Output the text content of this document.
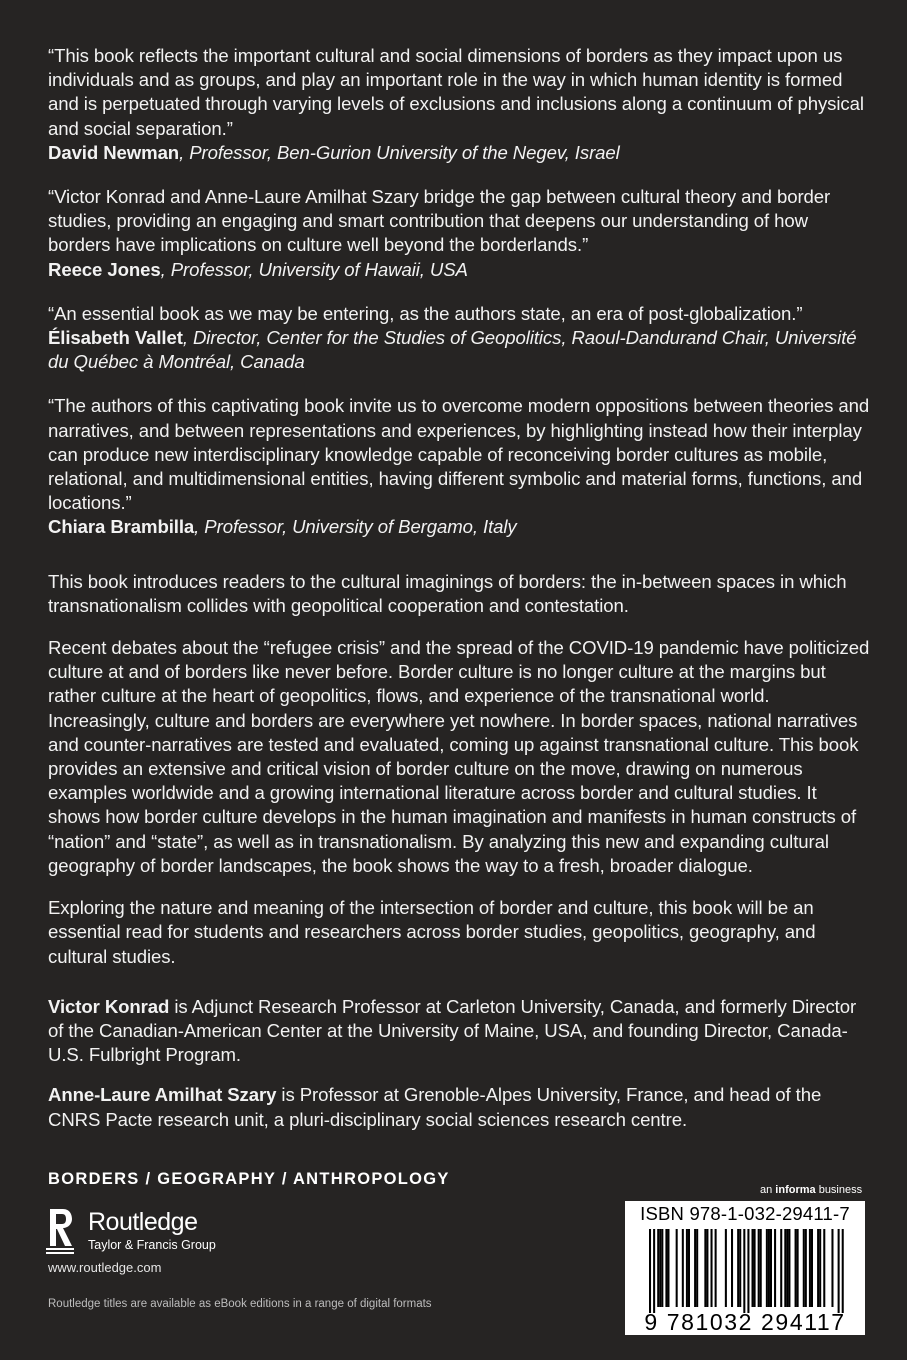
“This book reflects the important cultural and social dimensions of borders as they impact upon us individuals and as groups, and play an important role in the way in which human identity is formed and is perpetuated through varying levels of exclusions and inclusions along a continuum of physical and social separation.”

David Newman, Professor, Ben-Gurion University of the Negev, Israel

“Victor Konrad and Anne-Laure Amilhat Szary bridge the gap between cultural theory and border studies, providing an engaging and smart contribution that deepens our understanding of how borders have implications on culture well beyond the borderlands.”

Reece Jones, Professor, University of Hawaii, USA

“An essential book as we may be entering, as the authors state, an era of post-globalization.”

Élisabeth Vallet, Director, Center for the Studies of Geopolitics, Raoul-Dandurand Chair, Université du Québec à Montréal, Canada

“The authors of this captivating book invite us to overcome modern oppositions between theories and narratives, and between representations and experiences, by highlighting instead how their interplay can produce new interdisciplinary knowledge capable of reconceiving border cultures as mobile, relational, and multidimensional entities, having different symbolic and material forms, functions, and locations.”

Chiara Brambilla, Professor, University of Bergamo, Italy

This book introduces readers to the cultural imaginings of borders: the in-between spaces in which transnationalism collides with geopolitical cooperation and contestation.

Recent debates about the “refugee crisis” and the spread of the COVID-19 pandemic have politicized culture at and of borders like never before. Border culture is no longer culture at the margins but rather culture at the heart of geopolitics, flows, and experience of the transnational world. Increasingly, culture and borders are everywhere yet nowhere. In border spaces, national narratives and counter-narratives are tested and evaluated, coming up against transnational culture. This book provides an extensive and critical vision of border culture on the move, drawing on numerous examples worldwide and a growing international literature across border and cultural studies. It shows how border culture develops in the human imagination and manifests in human constructs of “nation” and “state”, as well as in transnationalism. By analyzing this new and expanding cultural geography of border landscapes, the book shows the way to a fresh, broader dialogue.

Exploring the nature and meaning of the intersection of border and culture, this book will be an essential read for students and researchers across border studies, geopolitics, geography, and cultural studies.

Victor Konrad is Adjunct Research Professor at Carleton University, Canada, and formerly Director of the Canadian-American Center at the University of Maine, USA, and founding Director, Canada-U.S. Fulbright Program.

Anne-Laure Amilhat Szary is Professor at Grenoble-Alpes University, France, and head of the CNRS Pacte research unit, a pluri-disciplinary social sciences research centre.

BORDERS / GEOGRAPHY / ANTHROPOLOGY
Routledge
Taylor & Francis Group
www.routledge.com
Routledge titles are available as eBook editions in a range of digital formats
an informa business
ISBN 978-1-032-29411-7
9 781032 294117
